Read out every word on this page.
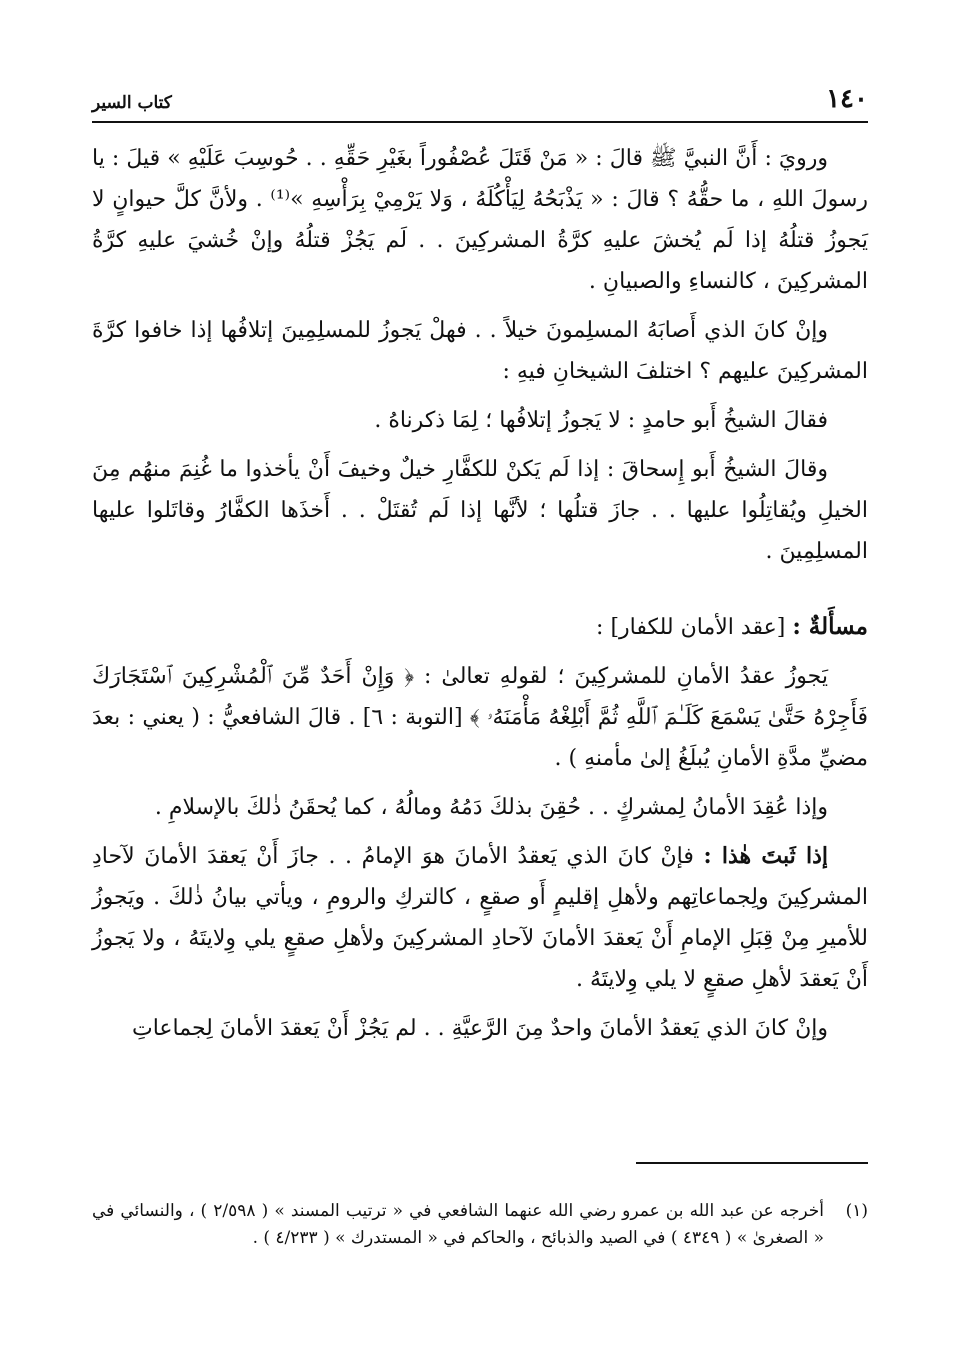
١٤٠
كتاب السير

ورويَ : أَنَّ النبيَّ ﷺ قالَ : « مَنْ قَتَلَ عُصْفُوراً بغَيْرِ حَقِّهِ . . حُوسِبَ عَلَيْهِ » قيلَ : يا رسولَ اللهِ ، ما حقُّهُ ؟ قالَ : « يَذْبَحُهُ لِيَأْكُلَهُ ، وَلا يَرْمِيْ بِرَأْسِهِ »⁽¹⁾ . ولأنَّ كلَّ حيوانٍ لا يَجوزُ قتلُهُ إذا لَم يُخشَ عليهِ كرَّةُ المشركِينَ . . لَم يَجُزْ قتلُهُ وإنْ خُشيَ عليهِ كرَّةُ المشركِينَ ، كالنساءِ والصبيانِ .

وإنْ كانَ الذي أَصابَهُ المسلِمونَ خيلاً . . فهلْ يَجوزُ للمسلِمِينَ إتلافُها إذا خافوا كرَّةَ المشركِينَ عليهم ؟ اختلفَ الشيخانِ فيهِ :

فقالَ الشيخُ أَبو حامدٍ : لا يَجوزُ إتلافُها ؛ لِمَا ذكرناهُ .

وقالَ الشيخُ أَبو إِسحاقَ : إذا لَم يَكنْ للكفَّارِ خيلٌ وخيفَ أَنْ يأخذوا ما غُنِمَ منهُم مِنَ الخيلِ ويُقاتِلُوا عليها . . جازَ قتلُها ؛ لأنَّها إذا لَم تُقتَلْ . . أَخذَها الكفَّارُ وقاتَلوا عليها المسلِمِينَ .

مسأَلةٌ : [عقد الأمان للكفار] :

يَجوزُ عقدُ الأمانِ للمشركِينَ ؛ لقولهِ تعالىٰ : ﴿ وَإِنْ أَحَدٌ مِّنَ ٱلْمُشْرِكِينَ ٱسْتَجَارَكَ فَأَجِرْهُ حَتَّىٰ يَسْمَعَ كَلَـٰمَ ٱللَّهِ ثُمَّ أَبْلِغْهُ مَأْمَنَهُۥ ﴾ [التوبة : ٦] . قالَ الشافعيُّ : ( يعني : بعدَ مضيِّ مدَّةِ الأمانِ يُبلَغُ إلىٰ مأمنهِ ) .

وإذا عُقِدَ الأمانُ لِمشركٍ . . حُقِنَ بذلكَ دَمُهُ ومالُهُ ، كما يُحقَنُ ذٰلكَ بالإسلامِ .

إذا ثَبتَ هٰذا : فإنْ كانَ الذي يَعقدُ الأمانَ هوَ الإمامُ . . جازَ أَنْ يَعقدَ الأمانَ لآحادِ المشركِينَ ولِجماعاتِهم ولأهلِ إقليمٍ أَو صقعٍ ، كالتركِ والرومِ ، ويأتي بيانُ ذٰلكَ . ويَجوزُ للأميرِ مِنْ قِبَلِ الإمامِ أَنْ يَعقدَ الأمانَ لآحادِ المشركِينَ ولأهلِ صقعٍ يلي وِلايتَهُ ، ولا يَجوزُ أَنْ يَعقدَ لأهلِ صقعٍ لا يلي وِلايتَهُ .

وإنْ كانَ الذي يَعقدُ الأمانَ واحدٌ مِنَ الرَّعيَّةِ . . لم يَجُزْ أَنْ يَعقدَ الأمانَ لِجماعاتِ

(١)
أخرجه عن عبد الله بن عمرو رضي الله عنهما الشافعي في « ترتيب المسند » ( ٢/٥٩٨ ) ، والنسائي في « الصغرىٰ » ( ٤٣٤٩ ) في الصيد والذبائح ، والحاكم في « المستدرك » ( ٤/٢٣٣ ) .
